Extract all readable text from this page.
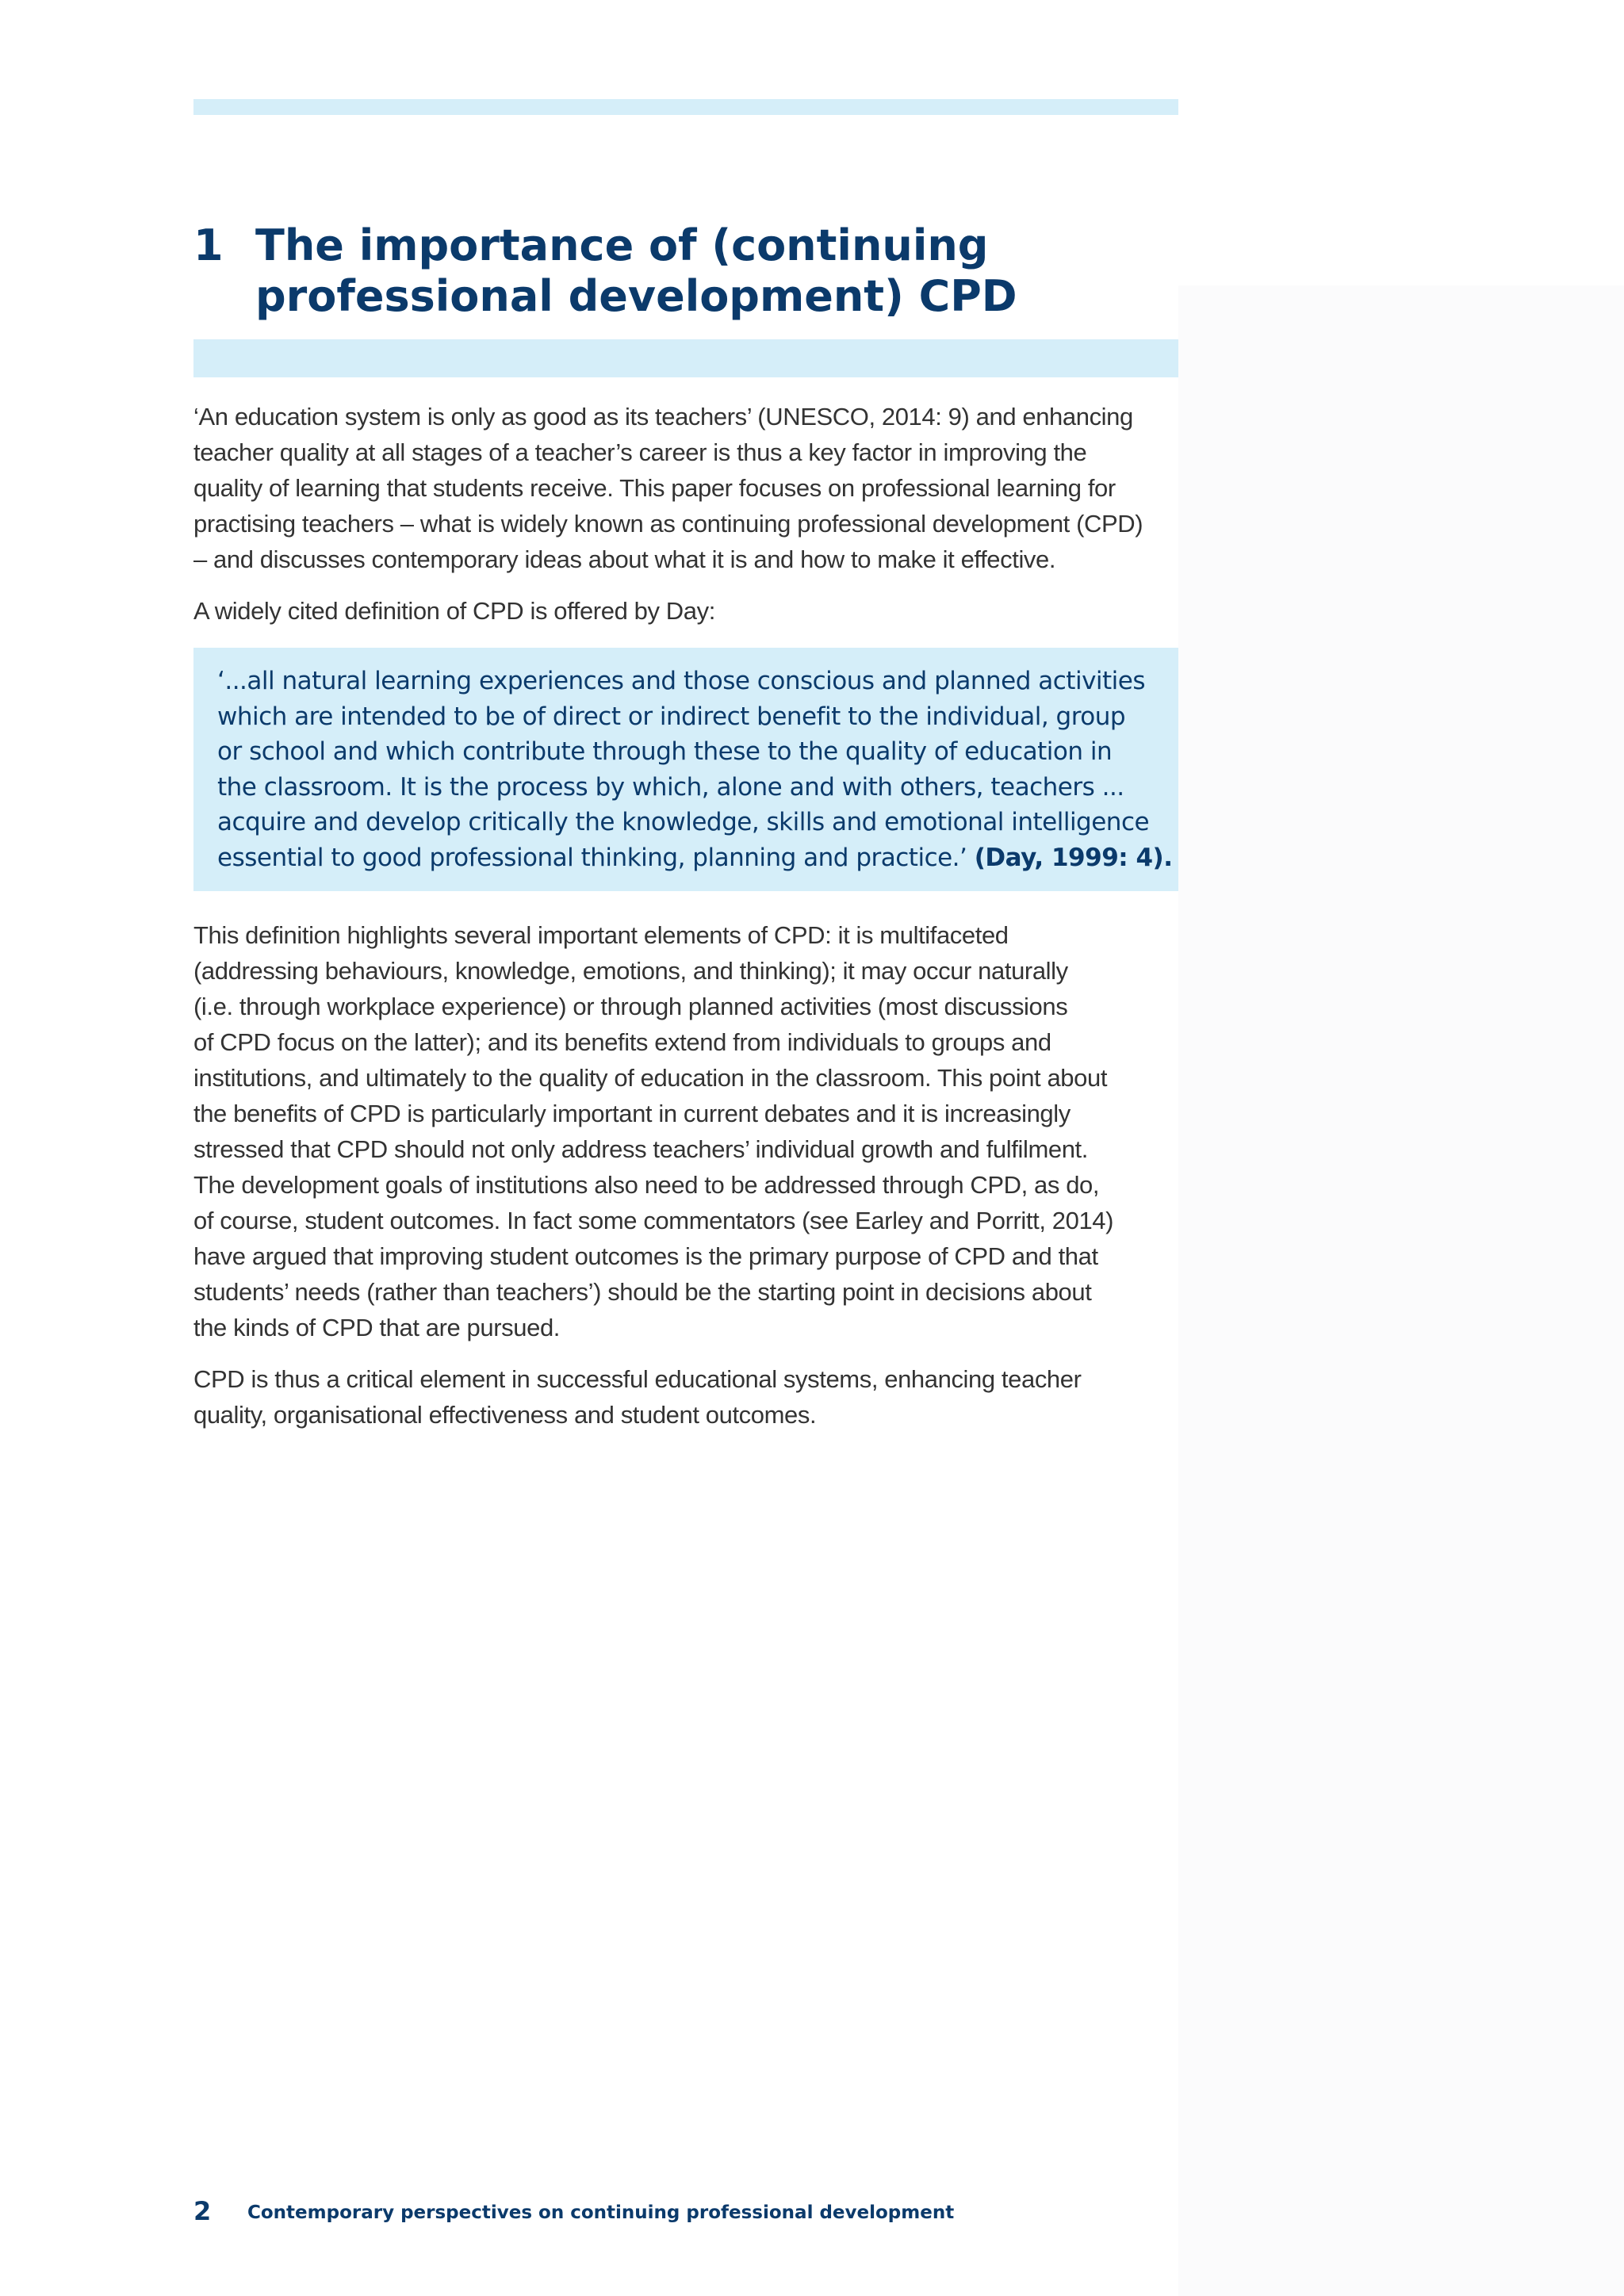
1 The importance of (continuing professional development) CPD

‘An education system is only as good as its teachers’ (UNESCO, 2014: 9) and enhancing
teacher quality at all stages of a teacher’s career is thus a key factor in improving the
quality of learning that students receive. This paper focuses on professional learning for
practising teachers – what is widely known as continuing professional development (CPD)
– and discusses contemporary ideas about what it is and how to make it effective.

A widely cited definition of CPD is offered by Day:

‘...all natural learning experiences and those conscious and planned activities
which are intended to be of direct or indirect benefit to the individual, group
or school and which contribute through these to the quality of education in
the classroom. It is the process by which, alone and with others, teachers ...
acquire and develop critically the knowledge, skills and emotional intelligence
essential to good professional thinking, planning and practice.’ (Day, 1999: 4).

This definition highlights several important elements of CPD: it is multifaceted
(addressing behaviours, knowledge, emotions, and thinking); it may occur naturally
(i.e. through workplace experience) or through planned activities (most discussions
of CPD focus on the latter); and its benefits extend from individuals to groups and
institutions, and ultimately to the quality of education in the classroom. This point about
the benefits of CPD is particularly important in current debates and it is increasingly
stressed that CPD should not only address teachers’ individual growth and fulfilment.
The development goals of institutions also need to be addressed through CPD, as do,
of course, student outcomes. In fact some commentators (see Earley and Porritt, 2014)
have argued that improving student outcomes is the primary purpose of CPD and that
students’ needs (rather than teachers’) should be the starting point in decisions about
the kinds of CPD that are pursued.

CPD is thus a critical element in successful educational systems, enhancing teacher
quality, organisational effectiveness and student outcomes.

2 Contemporary perspectives on continuing professional development
